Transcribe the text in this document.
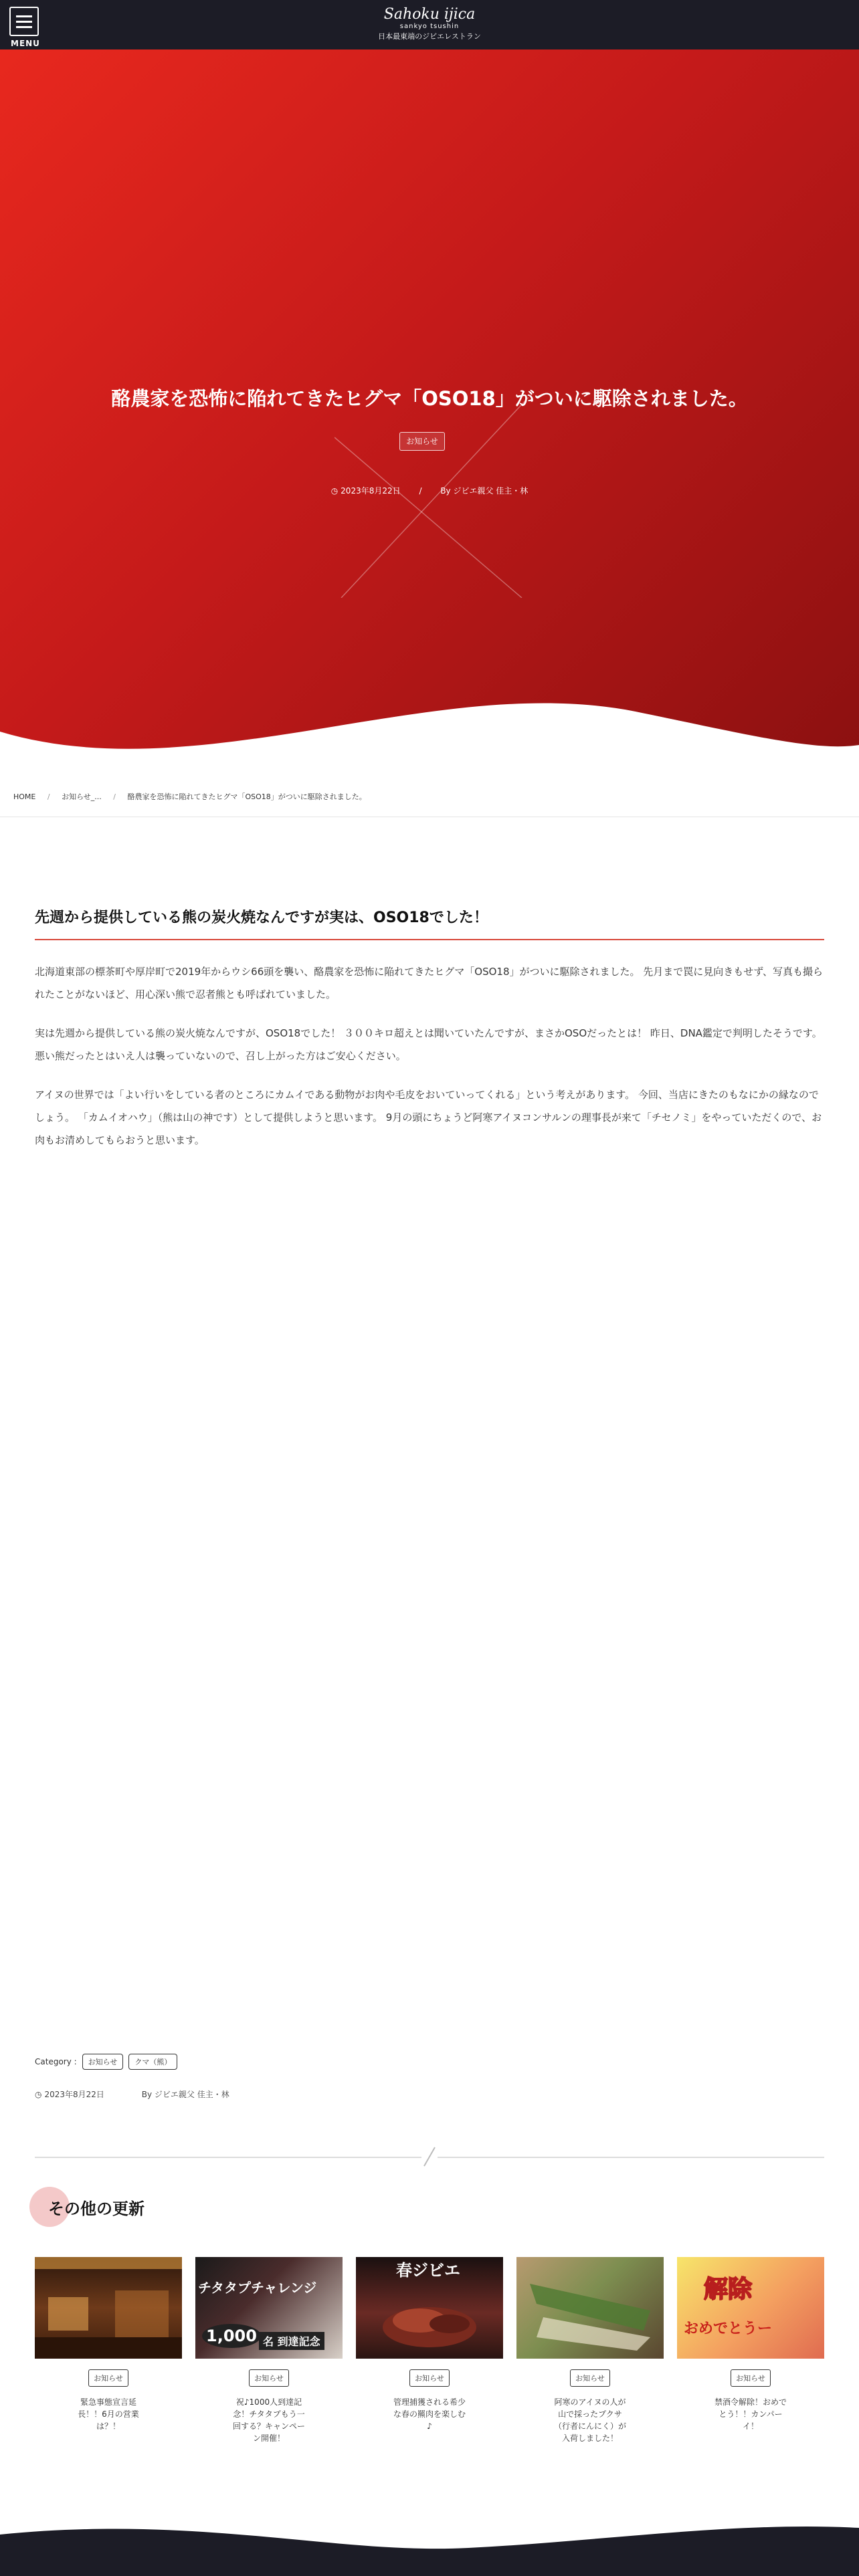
MENU
Sahoku ijica
sankyo tsushin
日本最東端のジビエレストラン
酪農家を恐怖に陥れてきたヒグマ「OSO18」がついに駆除されました。
お知らせ
◷ 2023年8月22日 / By ジビエ親父 佳主・林
HOME / お知らせ_... / 酪農家を恐怖に陥れてきたヒグマ「OSO18」がついに駆除されました。
先週から提供している熊の炭火焼なんですが実は、OSO18でした！

北海道東部の標茶町や厚岸町で2019年からウシ66頭を襲い、酪農家を恐怖に陥れてきたヒグマ「OSO18」がついに駆除されました。 先月まで罠に見向きもせず、写真も撮られたことがないほど、用心深い熊で忍者熊とも呼ばれていました。

実は先週から提供している熊の炭火焼なんですが、OSO18でした！ ３００キロ超えとは聞いていたんですが、まさかOSOだったとは！ 昨日、DNA鑑定で判明したそうです。 悪い熊だったとはいえ人は襲っていないので、召し上がった方はご安心ください。

アイヌの世界では「よい行いをしている者のところにカムイである動物がお肉や毛皮をおいていってくれる」という考えがあります。 今回、当店にきたのもなにかの縁なのでしょう。 「カムイオハウ」（熊は山の神です）として提供しようと思います。 9月の頭にちょうど阿寒アイヌコンサルンの理事長が来て「チセノミ」をやっていただくので、お肉もお清めしてもらおうと思います。

Category :	お知らせ	クマ（熊）
◷ 2023年8月22日	By ジビエ親父 佳主・林
その他の更新
お知らせ
緊急事態宣言延長！！6月の営業は？！
チタタプチャレンジ
1,000 名 到達記念
お知らせ
祝♪1000人到達記念！チタタプもう一回する？キャンペーン開催！
春ジビエ
お知らせ
管理捕獲される希少な春の羆肉を楽しむ♪
お知らせ
阿寒のアイヌの人が山で採ったプクサ（行者にんにく）が入荷しました！
解除
おめでとうー
お知らせ
禁酒令解除！おめでとう！！カンパーイ！
